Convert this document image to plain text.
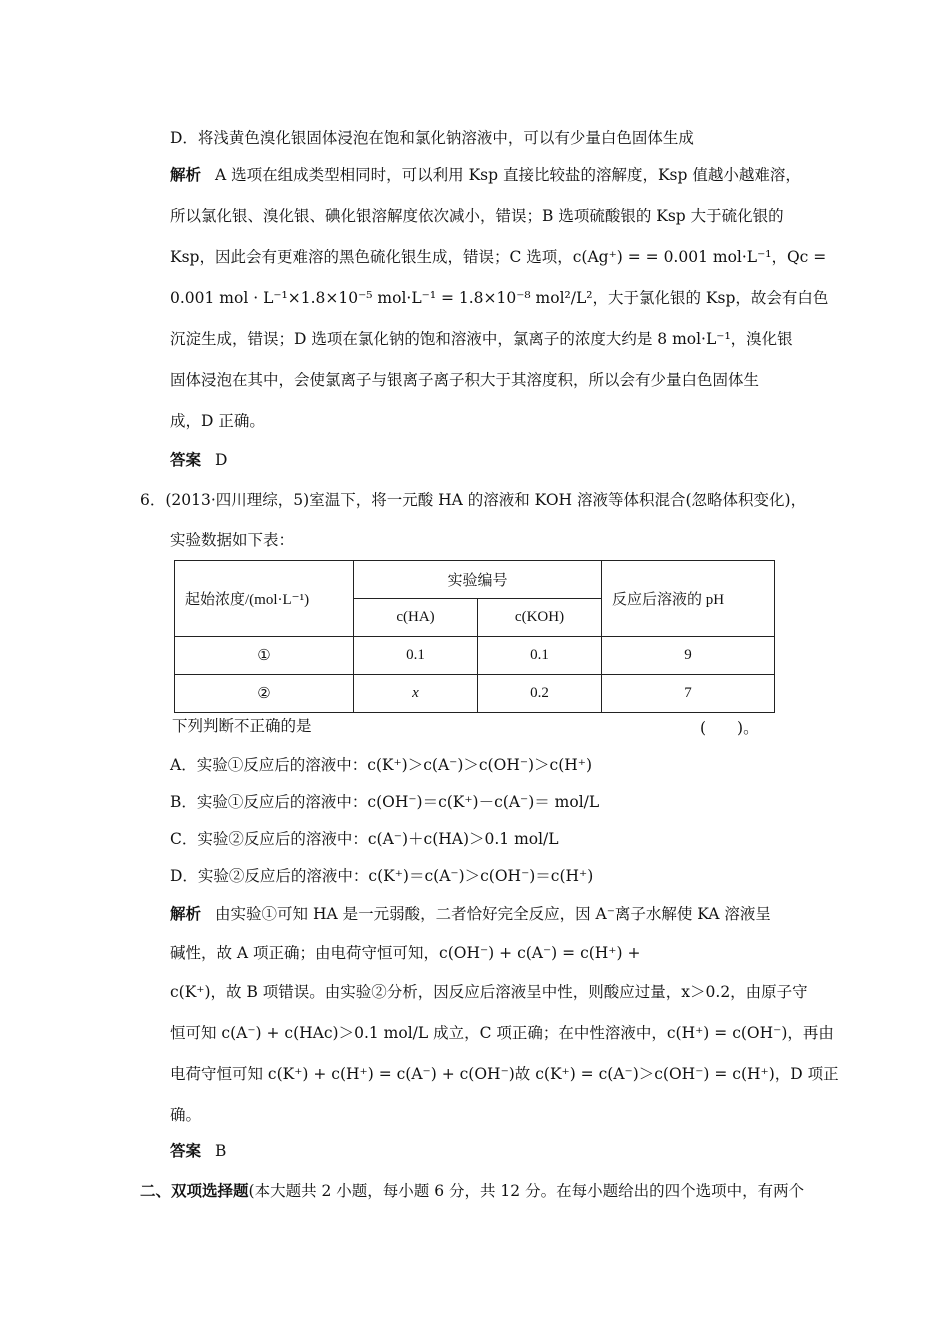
D．将浅黄色溴化银固体浸泡在饱和氯化钠溶液中，可以有少量白色固体生成
解析 A 选项在组成类型相同时，可以利用 Ksp 直接比较盐的溶解度，Ksp 值越小越难溶，
所以氯化银、溴化银、碘化银溶解度依次减小，错误；B 选项硫酸银的 Ksp 大于硫化银的
Ksp，因此会有更难溶的黑色硫化银生成，错误；C 选项，c(Ag⁺) = = 0.001 mol·L⁻¹，Qc =
0.001 mol · L⁻¹×1.8×10⁻⁵ mol·L⁻¹ = 1.8×10⁻⁸ mol²/L²，大于氯化银的 Ksp，故会有白色
沉淀生成，错误；D 选项在氯化钠的饱和溶液中，氯离子的浓度大约是 8 mol·L⁻¹，溴化银
固体浸泡在其中，会使氯离子与银离子离子积大于其溶度积，所以会有少量白色固体生
成，D 正确。
答案 D
6．(2013·四川理综，5)室温下，将一元酸 HA 的溶液和 KOH 溶液等体积混合(忽略体积变化)，
实验数据如下表：
起始浓度/(mol·L⁻¹)	实验编号		反应后溶液的 pH
	c(HA)	c(KOH)	
①	0.1	0.1	9
②	x	0.2	7
下列判断不正确的是	(　　)。
A．实验①反应后的溶液中：c(K⁺)＞c(A⁻)＞c(OH⁻)＞c(H⁺)
B．实验①反应后的溶液中：c(OH⁻)＝c(K⁺)－c(A⁻)＝ mol/L
C．实验②反应后的溶液中：c(A⁻)＋c(HA)＞0.1 mol/L
D．实验②反应后的溶液中：c(K⁺)＝c(A⁻)＞c(OH⁻)＝c(H⁺)
解析 由实验①可知 HA 是一元弱酸，二者恰好完全反应，因 A⁻离子水解使 KA 溶液呈
碱性，故 A 项正确；由电荷守恒可知，c(OH⁻) + c(A⁻) = c(H⁺) +
c(K⁺)，故 B 项错误。由实验②分析，因反应后溶液呈中性，则酸应过量，x＞0.2，由原子守
恒可知 c(A⁻) + c(HAc)＞0.1 mol/L 成立，C 项正确；在中性溶液中，c(H⁺) = c(OH⁻)，再由
电荷守恒可知 c(K⁺) + c(H⁺) = c(A⁻) + c(OH⁻)故 c(K⁺) = c(A⁻)＞c(OH⁻) = c(H⁺)，D 项正
确。
答案 B
二、双项选择题(本大题共 2 小题，每小题 6 分，共 12 分。在每小题给出的四个选项中，有两个
